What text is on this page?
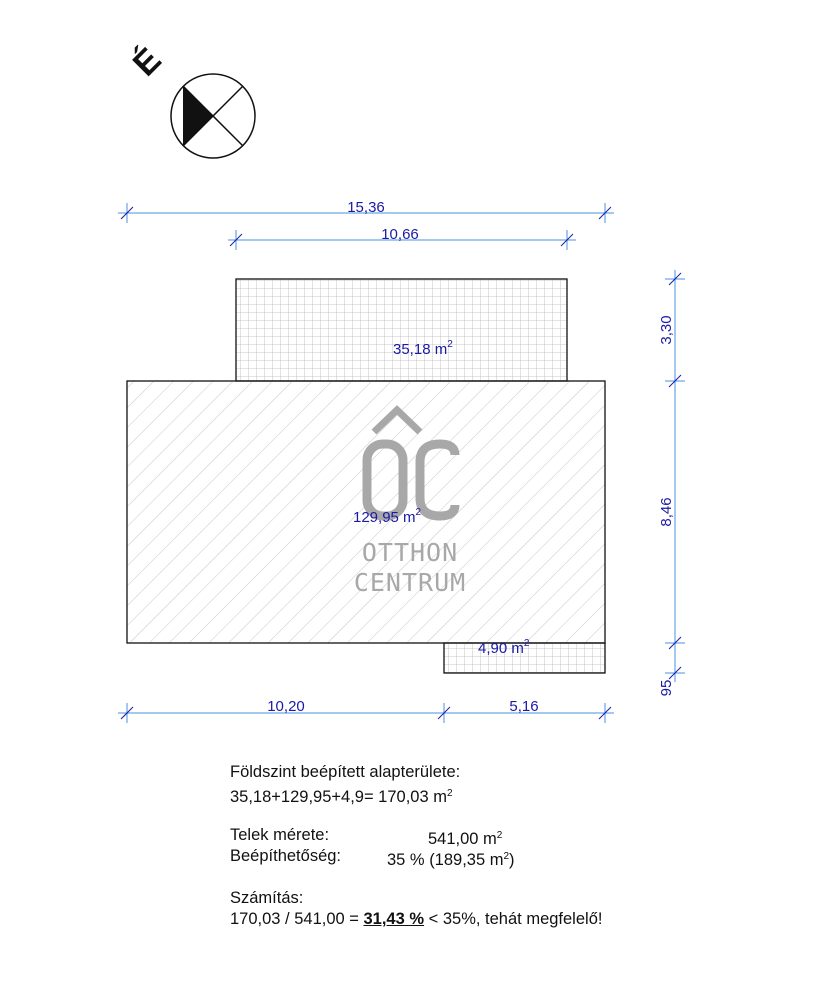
É
OTTHON
CENTRUM
35,18 $m^2$
129,95 $m^2$
4,90 $m^2$
15,36
10,66
3,30
8,46
95
10,20	5,16
Földszint beépített alapterülete:
35,18+129,95+4,9= 170,03 $m^2$
Telek mérete:	541,00 $m^2$
Beépíthetőség:	35 % (189,35 $m^2$)
Számítás:
170,03 / 541,00 = 31,43 % < 35%, tehát megfelelő!
